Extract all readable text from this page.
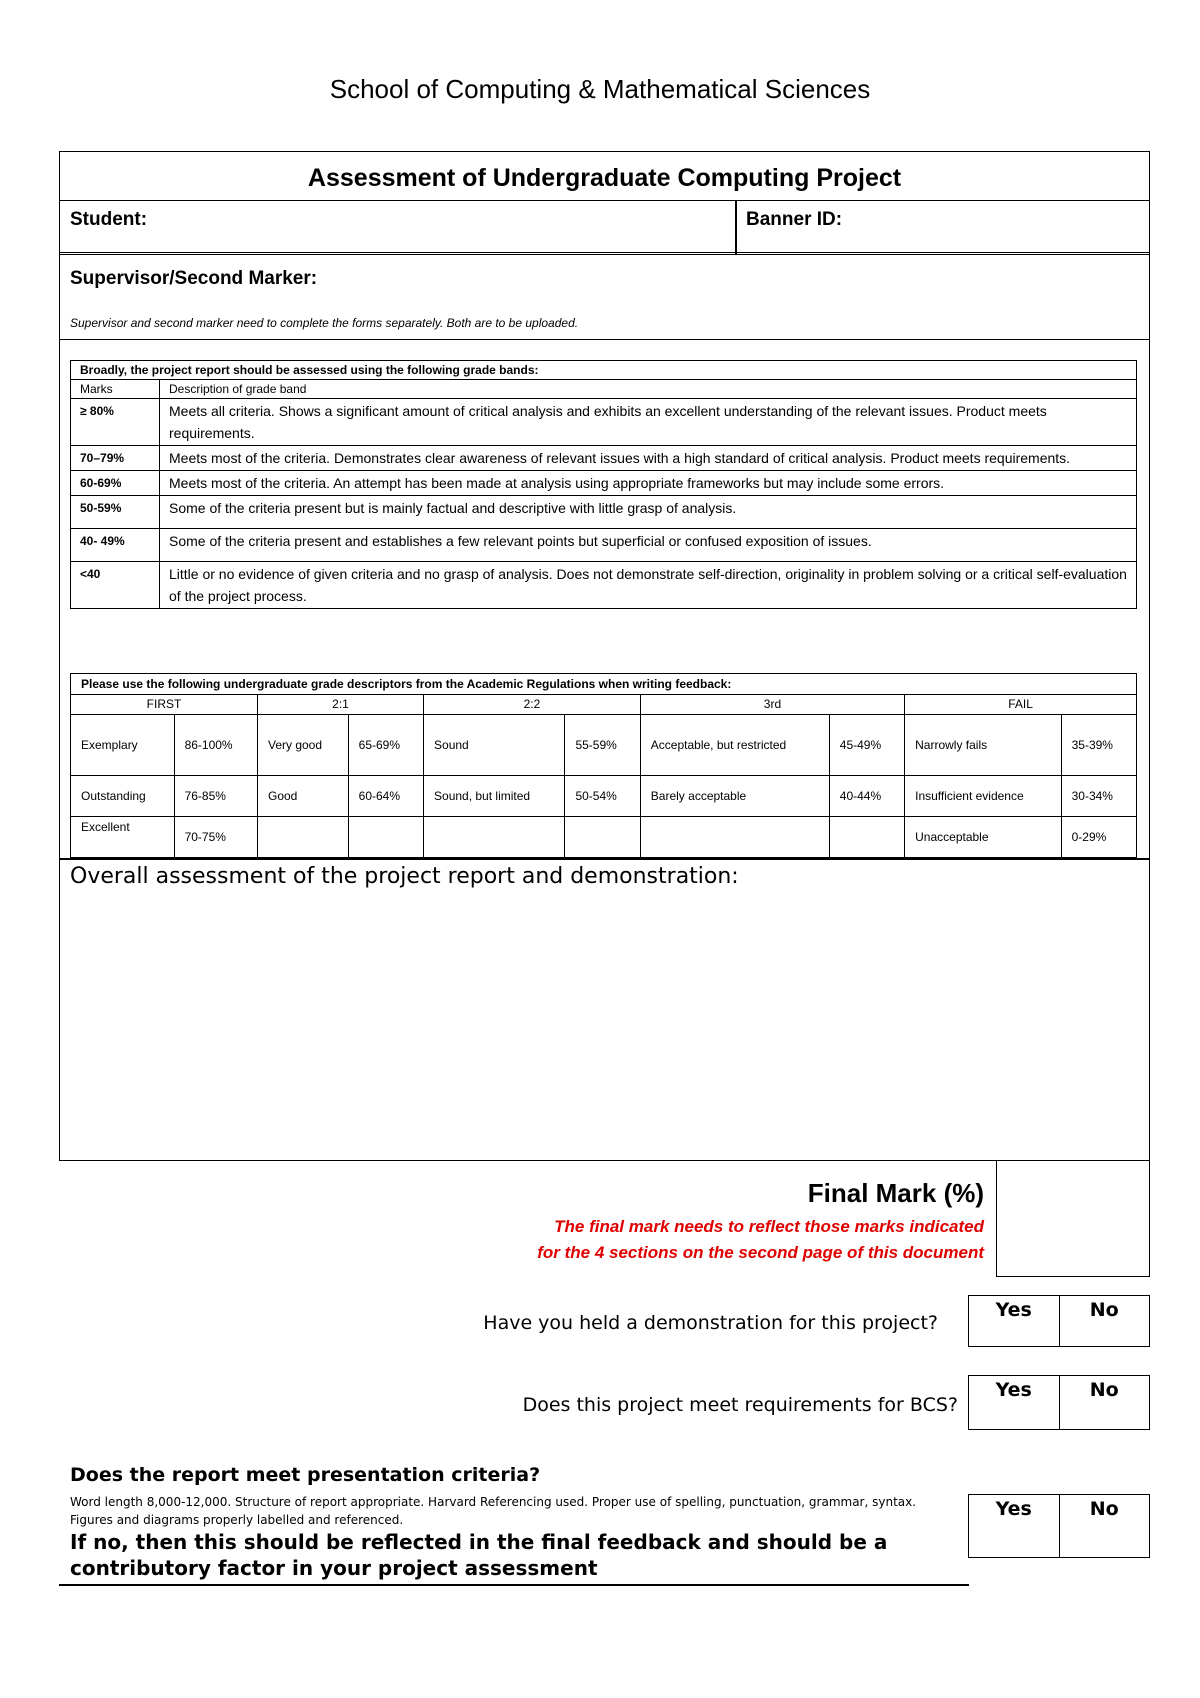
School of Computing & Mathematical Sciences
Assessment of Undergraduate Computing Project
Student:	Banner ID:
Supervisor/Second Marker:
Supervisor and second marker need to complete the forms separately. Both are to be uploaded.
Broadly, the project report should be assessed using the following grade bands:	
Marks	Description of grade band
≥ 80%	Meets all criteria. Shows a significant amount of critical analysis and exhibits an excellent understanding of the relevant issues. Product meets requirements.
70–79%	Meets most of the criteria. Demonstrates clear awareness of relevant issues with a high standard of critical analysis. Product meets requirements.
60-69%	Meets most of the criteria. An attempt has been made at analysis using appropriate frameworks but may include some errors.
50-59%	Some of the criteria present but is mainly factual and descriptive with little grasp of analysis.
40- 49%	Some of the criteria present and establishes a few relevant points but superficial or confused exposition of issues.
<40	Little or no evidence of given criteria and no grasp of analysis. Does not demonstrate self-direction, originality in problem solving or a critical self-evaluation of the project process.
Please use the following undergraduate grade descriptors from the Academic Regulations when writing feedback:									
FIRST		2:1		2:2		3rd		FAIL	
Exemplary	86-100%	Very good	65-69%	Sound	55-59%	Acceptable, but restricted	45-49%	Narrowly fails	35-39%
Outstanding	76-85%	Good	60-64%	Sound, but limited	50-54%	Barely acceptable	40-44%	Insufficient evidence	30-34%
Excellent	70-75%							Unacceptable	0-29%
Overall assessment of the project report and demonstration:
Final Mark (%)
The final mark needs to reflect those marks indicated
for the 4 sections on the second page of this document
Have you held a demonstration for this project?
Yes	No
Does this project meet requirements for BCS?
Yes	No
Does the report meet presentation criteria?
Word length 8,000-12,000. Structure of report appropriate. Harvard Referencing used. Proper use of spelling, punctuation, grammar, syntax. Figures and diagrams properly labelled and referenced.
If no, then this should be reflected in the final feedback and should be a contributory factor in your project assessment
Yes	No
